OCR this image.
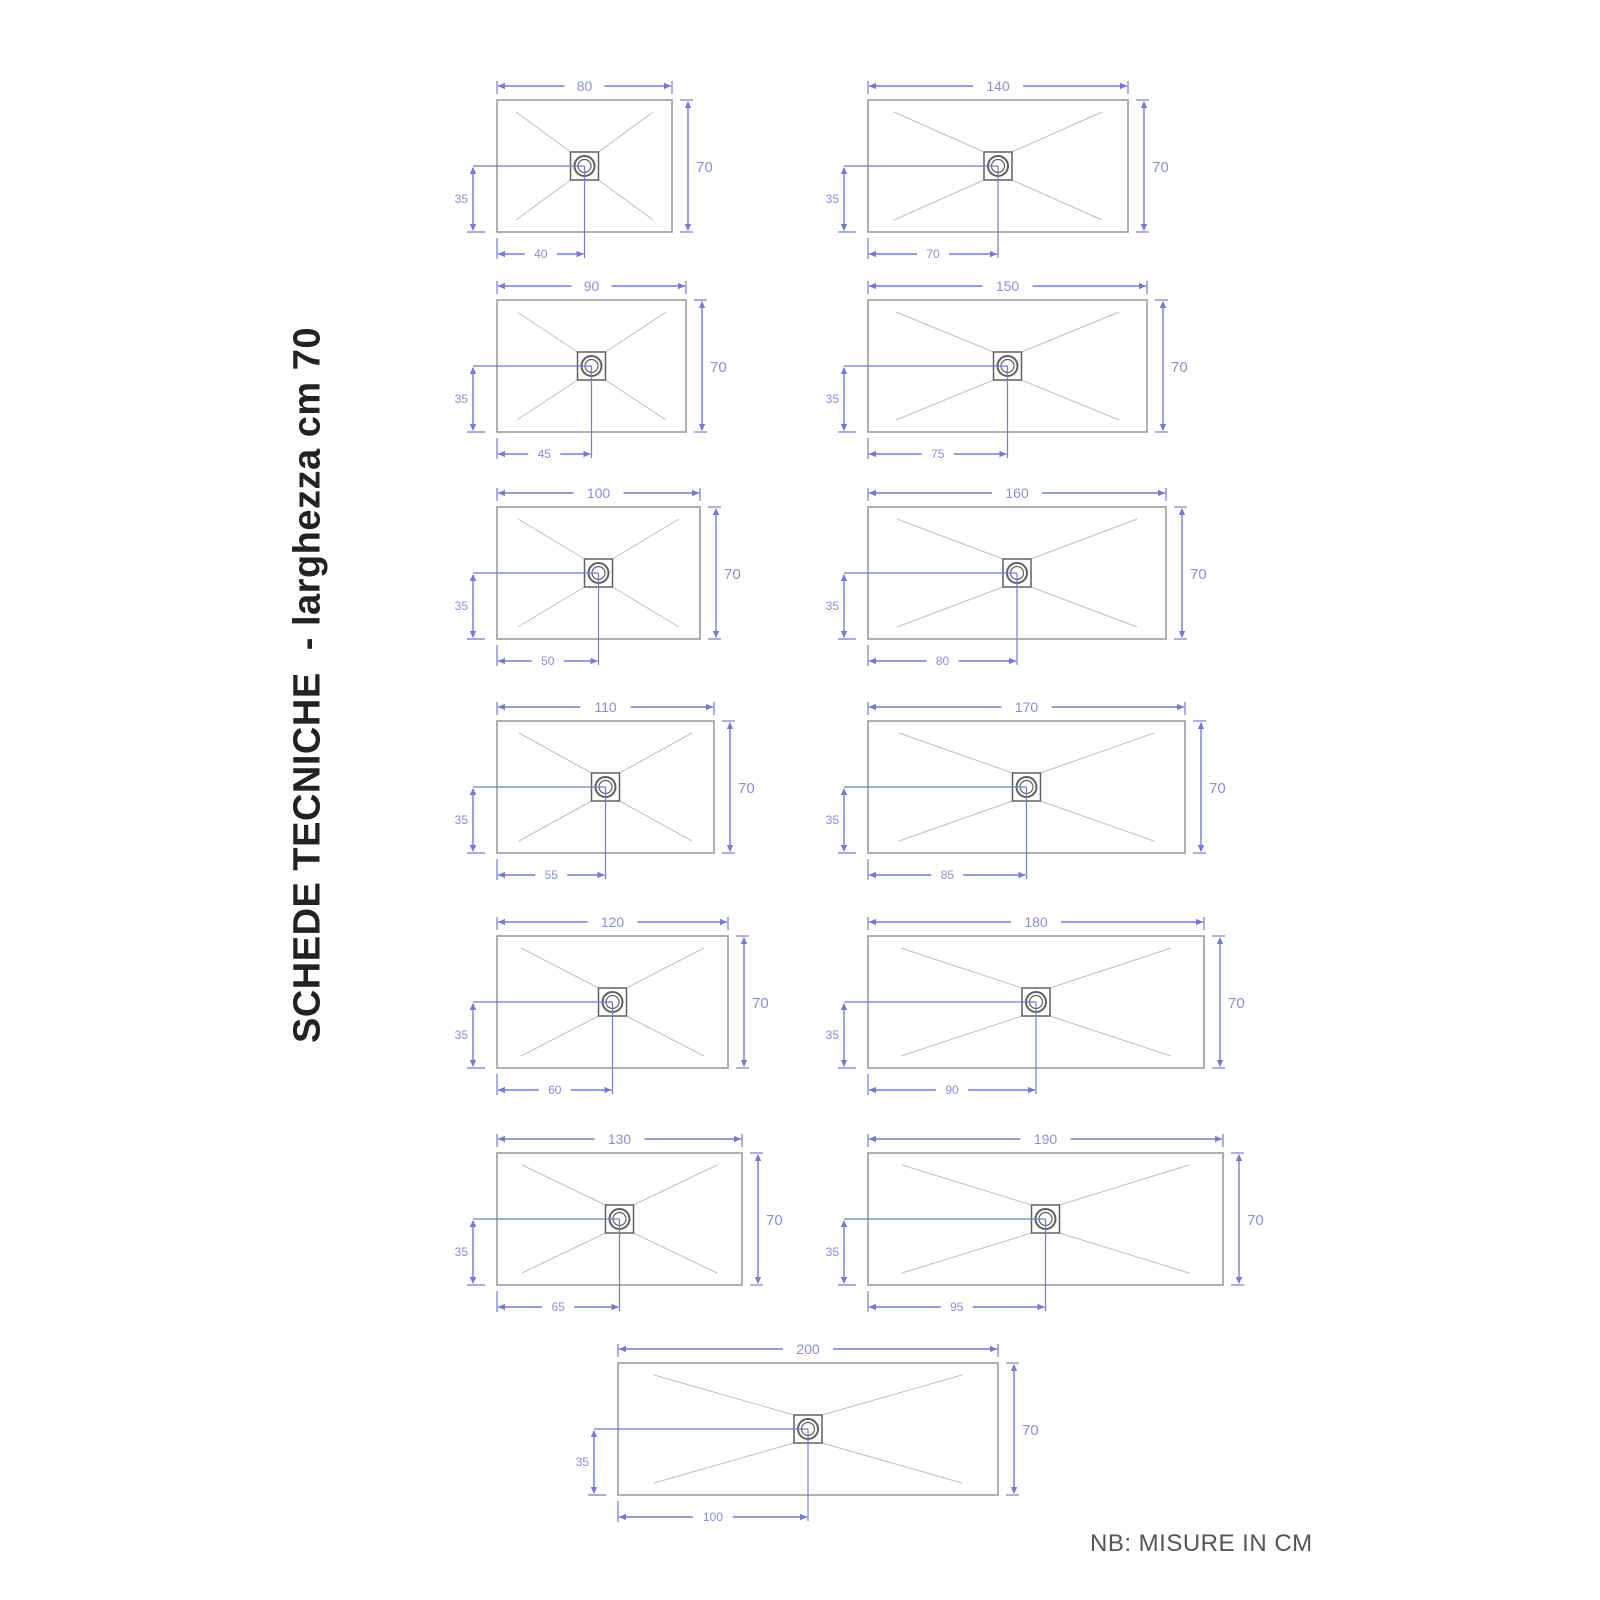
SCHEDE TECNICHE  - larghezza cm 70
80
70
35
40
90
70
35
45
100
70
35
50
110
70
35
55
120
70
35
60
130
70
35
65
140
70
35
70
150
70
35
75
160
70
35
80
170
70
35
85
180
70
35
90
190
70
35
95
200
70
35
100
NB: MISURE IN CM
